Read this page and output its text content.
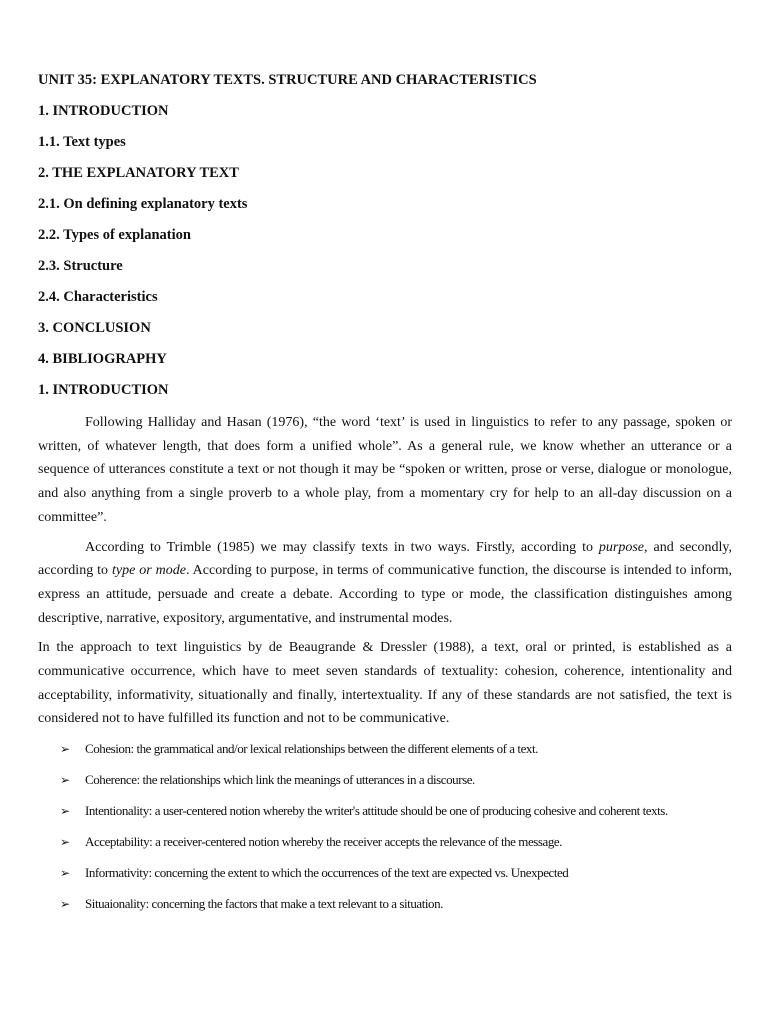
UNIT 35: EXPLANATORY TEXTS. STRUCTURE AND CHARACTERISTICS
1. INTRODUCTION
1.1. Text types
2. THE EXPLANATORY TEXT
2.1. On defining explanatory texts
2.2. Types of explanation
2.3. Structure
2.4. Characteristics
3. CONCLUSION
4. BIBLIOGRAPHY
1. INTRODUCTION

Following Halliday and Hasan (1976), “the word ‘text’ is used in linguistics to refer to any passage, spoken or written, of whatever length, that does form a unified whole”. As a general rule, we know whether an utterance or a sequence of utterances constitute a text or not though it may be “spoken or written, prose or verse, dialogue or monologue, and also anything from a single proverb to a whole play, from a momentary cry for help to an all-day discussion on a committee”.

According to Trimble (1985) we may classify texts in two ways. Firstly, according to purpose, and secondly, according to type or mode. According to purpose, in terms of communicative function, the discourse is intended to inform, express an attitude, persuade and create a debate. According to type or mode, the classification distinguishes among descriptive, narrative, expository, argumentative, and instrumental modes.

In the approach to text linguistics by de Beaugrande & Dressler (1988), a text, oral or printed, is established as a communicative occurrence, which have to meet seven standards of textuality: cohesion, coherence, intentionality and acceptability, informativity, situationally and finally, intertextuality. If any of these standards are not satisfied, the text is considered not to have fulfilled its function and not to be communicative.

➢ Cohesion: the grammatical and/or lexical relationships between the different elements of a text.
➢ Coherence: the relationships which link the meanings of utterances in a discourse.
➢ Intentionality: a user-centered notion whereby the writer's attitude should be one of producing cohesive and coherent texts.
➢ Acceptability: a receiver-centered notion whereby the receiver accepts the relevance of the message.
➢ Informativity: concerning the extent to which the occurrences of the text are expected vs. Unexpected
➢ Situaionality: concerning the factors that make a text relevant to a situation.
